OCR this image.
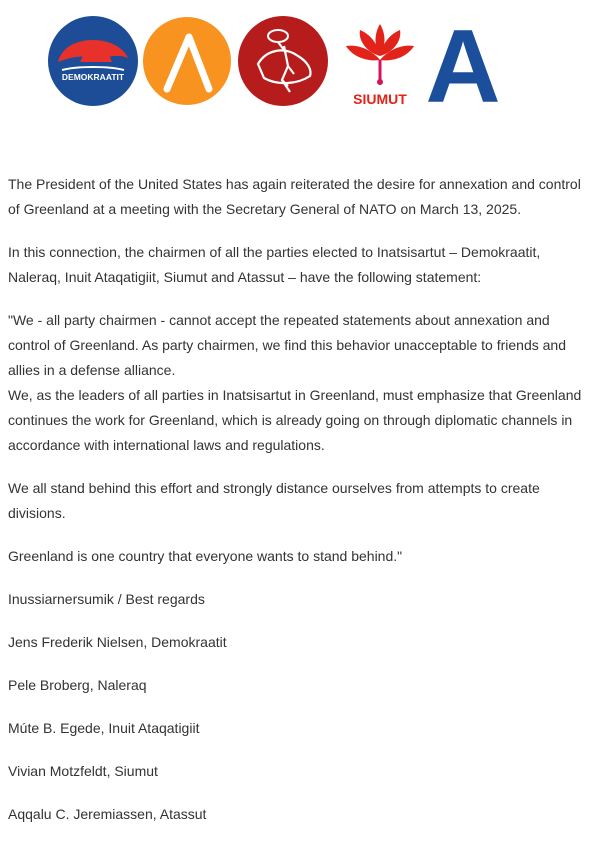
DEMOKRAATIT
SIUMUT A

The President of the United States has again reiterated the desire for annexation and control of Greenland at a meeting with the Secretary General of NATO on March 13, 2025.

In this connection, the chairmen of all the parties elected to Inatsisartut – Demokraatit, Naleraq, Inuit Ataqatigiit, Siumut and Atassut – have the following statement:

"We - all party chairmen - cannot accept the repeated statements about annexation and control of Greenland. As party chairmen, we find this behavior unacceptable to friends and allies in a defense alliance.

We, as the leaders of all parties in Inatsisartut in Greenland, must emphasize that Greenland continues the work for Greenland, which is already going on through diplomatic channels in accordance with international laws and regulations.

We all stand behind this effort and strongly distance ourselves from attempts to create divisions.

Greenland is one country that everyone wants to stand behind."

Inussiarnersumik / Best regards

Jens Frederik Nielsen, Demokraatit

Pele Broberg, Naleraq

Múte B. Egede, Inuit Ataqatigiit

Vivian Motzfeldt, Siumut

Aqqalu C. Jeremiassen, Atassut
